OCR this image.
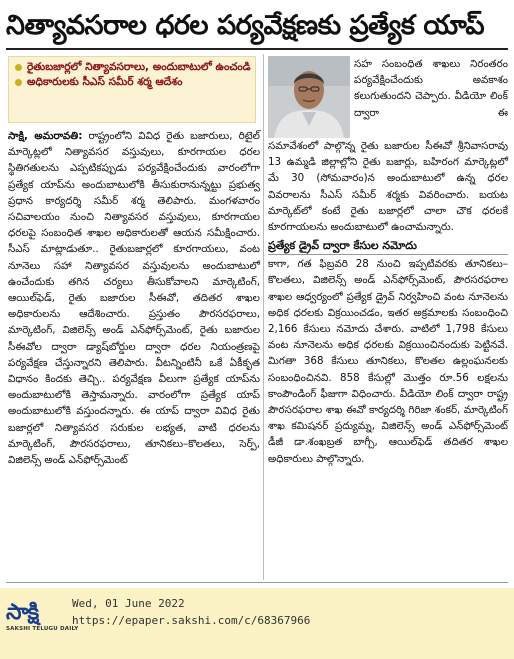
నిత్యావసరాల ధరల పర్యవేక్షణకు ప్రత్యేక యాప్
రైతుబజార్లలో నిత్యావసరాలు, అందుబాటులో ఉంచండి
అధికారులకు సీఎస్ సమీర్ శర్మ ఆదేశం
సహ సంబంధిత శాఖలు నిరంతరం పర్యవేక్షించేందుకు అవకాశం కలుగుతుందని చెప్పారు. వీడియో లింక్ ద్వారా ఈ

సమావేశంలో పాల్గొన్న రైతు బజారుల సీఈవో శ్రీనివాసరావు 13 ఉమ్మడి జిల్లాల్లోని రైతు బజార్లు, బహిరంగ మార్కెట్లలో మే 30 (సోమవారం)న అందుబాటులో ఉన్న ధరల వివరాలను సీఎస్ సమీర్ శర్మకు వివరించారు. బయట మార్కెట్‌లో కంటే రైతు బజార్లలో చాలా చౌక ధరలకే కూరగాయలను అందుబాటులో ఉంచామన్నారు.

ప్రత్యేక డ్రైవ్ ద్వారా కేసుల నమోదు

కాగా, గత ఫిబ్రవరి 28 నుంచి ఇప్పటివరకు తూనికలు–కొలతలు, విజిలెన్స్ అండ్ ఎన్‌ఫోర్స్‌మెంట్, పౌరసరఫరాల శాఖల ఆధ్వర్యంలో ప్రత్యేక డ్రైవ్ నిర్వహించి వంట నూనెలను అధిక ధరలకు విక్రయించడం, ఇతర అక్రమాలకు సంబంధించి 2,166 కేసులు నమోదు చేశారు. వాటిలో 1,798 కేసులు వంట నూనెలను అధిక ధరలకు విక్రయించినందుకు పెట్టినవే. మిగతా 368 కేసులు తూనికలు, కొలతల ఉల్లంఘనలకు సంబంధించినవి. 858 కేసుల్లో మొత్తం రూ.56 లక్షలను కాంపౌండింగ్ ఫీజుగా విధించారు. వీడియో లింక్ ద్వారా రాష్ట్ర పౌరసరఫరాల శాఖ ఈవో కార్యదర్శి గిరిజా శంకర్, మార్కెటింగ్ శాఖ కమిషనర్ ప్రద్యుమ్న, విజిలెన్స్ అండ్ ఎన్‌ఫోర్స్‌మెంట్ డీజీ డా.శంఖబ్రత బాగ్చీ, ఆయిల్‌ఫెడ్ తదితర శాఖల అధికారులు పాల్గొన్నారు.

సాక్షి, అమరావతి: రాష్ట్రంలోని వివిధ రైతు బజారులు, రిటైల్ మార్కెట్లలో నిత్యావసర వస్తువులు, కూరగాయల ధరల స్థితిగతులను ఎప్పటికప్పుడు పర్యవేక్షించేందుకు వారంలోగా ప్రత్యేక యాప్‌ను అందుబాటులోకి తీసుకురానున్నట్టు ప్రభుత్వ ప్రధాన కార్యదర్శి సమీర్ శర్మ తెలిపారు. మంగళవారం సచివాలయం నుంచి నిత్యావసర వస్తువులు, కూరగాయల ధరలపై సంబంధిత శాఖల అధికారులతో ఆయన సమీక్షించారు. సీఎస్ మాట్లాడుతూ.. రైతుబజార్లలో కూరగాయలు, వంట నూనెలు సహా నిత్యావసర వస్తువులను అందుబాటులో ఉంచేందుకు తగిన చర్యలు తీసుకోవాలని మార్కెటింగ్, ఆయిల్‌ఫెడ్, రైతు బజారుల సీఈవో, తదితర శాఖల అధికారులను ఆదేశించారు. ప్రస్తుతం పౌరసరఫరాలు, మార్కెటింగ్, విజిలెన్స్ అండ్ ఎన్‌ఫోర్స్‌మెంట్, రైతు బజారుల సీఈవోల ద్వారా డ్యాష్‌బోర్డుల ద్వారా ధరల నియంత్రణపై పర్యవేక్షణ చేస్తున్నారని తెలిపారు. వీటన్నింటినీ ఒకే ఏకీకృత విధానం కిందకు తెచ్చి.. పర్యవేక్షణ వీలుగా ప్రత్యేక యాప్‌ను అందుబాటులోకి తెస్తామన్నారు. వారంలోగా ప్రత్యేక యాప్ అందుబాటులోకి వస్తుందన్నారు. ఈ యాప్ ద్వారా వివిధ రైతు బజార్లలో నిత్యావసర సరుకుల లభ్యత, వాటి ధరలను మార్కెటింగ్, పౌరసరఫరాలు, తూనికలు–కొలతలు, సెర్ప్, విజిలెన్స్ అండ్ ఎన్‌ఫోర్స్‌మెంట్

సాక్షి
SAKSHI TELUGU DAILY
Wed, 01 June 2022
https://epaper.sakshi.com/c/68367966
